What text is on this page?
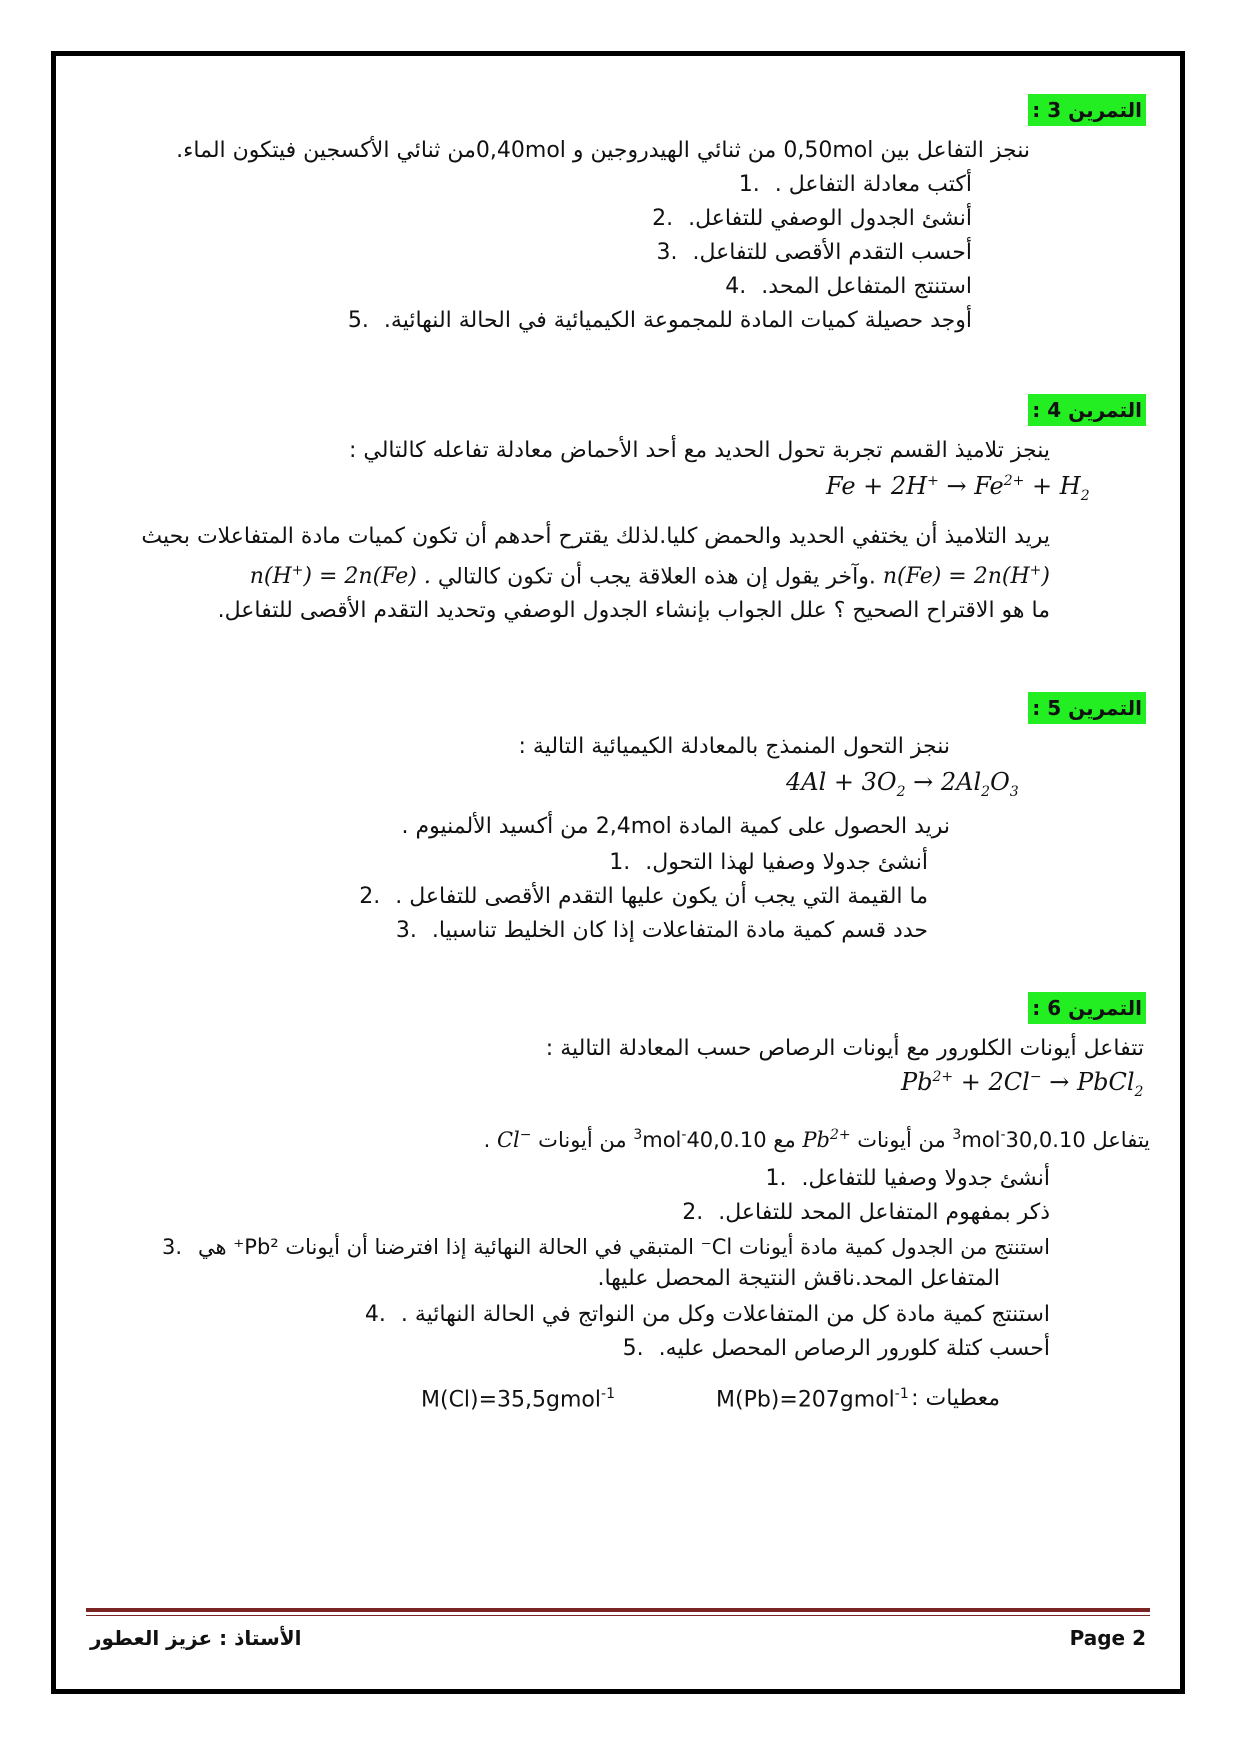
التمرين 3 :
ننجز التفاعل بين 0,50mol من ثنائي الهيدروجين و 0,40molمن ثنائي الأكسجين فيتكون الماء.
أكتب معادلة التفاعل .1.
أنشئ الجدول الوصفي للتفاعل.2.
أحسب التقدم الأقصى للتفاعل.3.
استنتج المتفاعل المحد.4.
أوجد حصيلة كميات المادة للمجموعة الكيميائية في الحالة النهائية.5.
التمرين 4 :
ينجز تلاميذ القسم تجربة تحول الحديد مع أحد الأحماض معادلة تفاعله كالتالي :
$Fe + 2H^+ \to Fe^{2+} + H_2$
يريد التلاميذ أن يختفي الحديد والحمض كليا.لذلك يقترح أحدهم أن تكون كميات مادة المتفاعلات بحيث
n(Fe) = 2n(H+) .وآخر يقول إن هذه العلاقة يجب أن تكون كالتالي n(H+) = 2n(Fe) .
ما هو الاقتراح الصحيح ؟ علل الجواب بإنشاء الجدول الوصفي وتحديد التقدم الأقصى للتفاعل.
التمرين 5 :
ننجز التحول المنمذج بالمعادلة الكيميائية التالية :
$4Al + 3O_2 \to 2Al_2O_3$
نريد الحصول على كمية المادة 2,4mol من أكسيد الألمنيوم .
أنشئ جدولا وصفيا لهذا التحول.1.
ما القيمة التي يجب أن يكون عليها التقدم الأقصى للتفاعل .2.
حدد قسم كمية مادة المتفاعلات إذا كان الخليط تناسبيا.3.
التمرين 6 :
تتفاعل أيونات الكلورور مع أيونات الرصاص حسب المعادلة التالية :
$Pb^{2+} + 2Cl^-$ → PbCl$_2$
يتفاعل $30,0.10^{-3}mol$ من أيونات $Pb^{2+}$ مع $40,0.10^{-3}mol$ من أيونات Cl− .
أنشئ جدولا وصفيا للتفاعل.1.
ذكر بمفهوم المتفاعل المحد للتفاعل.2.
استنتج من الجدول كمية مادة أيونات Cl⁻ المتبقي في الحالة النهائية إذا افترضنا أن أيونات Pb²⁺ هي3.
المتفاعل المحد.ناقش النتيجة المحصل عليها.
استنتج كمية مادة كل من المتفاعلات وكل من النواتج في الحالة النهائية .4.
أحسب كتلة كلورور الرصاص المحصل عليه.5.
معطيات :
M(Pb)=207gmol$^{-1}$
M(Cl)=35,5gmol$^{-1}$
Page 2
الأستاذ : عزيز العطور
